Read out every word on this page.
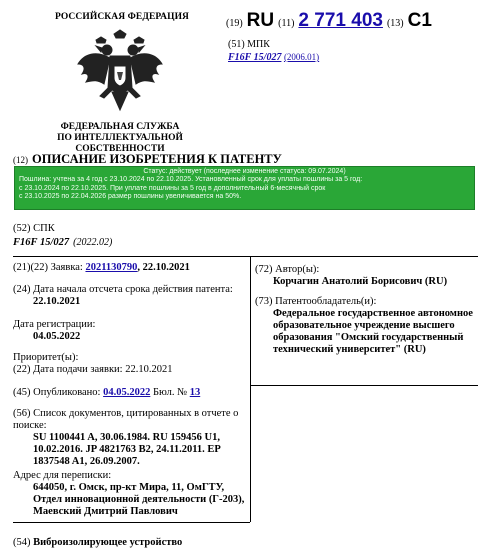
РОССИЙСКАЯ ФЕДЕРАЦИЯ
ФЕДЕРАЛЬНАЯ СЛУЖБА
ПО ИНТЕЛЛЕКТУАЛЬНОЙ СОБСТВЕННОСТИ
(19) RU (11) 2 771 403 (13) C1
(51) МПК
F16F 15/027 (2006.01)
(12) ОПИСАНИЕ ИЗОБРЕТЕНИЯ К ПАТЕНТУ
Статус: действует (последнее изменение статуса: 09.07.2024)
Пошлина: учтена за 4 год с 23.10.2024 по 22.10.2025. Установленный срок для уплаты пошлины за 5 год:
с 23.10.2024 по 22.10.2025. При уплате пошлины за 5 год в дополнительный 6-месячный срок
с 23.10.2025 по 22.04.2026 размер пошлины увеличивается на 50%.
(52) СПК
F16F 15/027 (2022.02)
(21)(22) Заявка: 2021130790, 22.10.2021
(24) Дата начала отсчета срока действия патента:
22.10.2021
Дата регистрации:
04.05.2022
Приоритет(ы):
(22) Дата подачи заявки: 22.10.2021
(45) Опубликовано: 04.05.2022 Бюл. № 13
(56) Список документов, цитированных в отчете о поиске:
SU 1100441 A, 30.06.1984. RU 159456 U1, 10.02.2016. JP 4821763 B2, 24.11.2011. EP 1837548 A1, 26.09.2007.
Адрес для переписки:
644050, г. Омск, пр-кт Мира, 11, ОмГТУ, Отдел инновационной деятельности (Г-203), Маевский Дмитрий Павлович
(72) Автор(ы):
Корчагин Анатолий Борисович (RU)
(73) Патентообладатель(и):
Федеральное государственное автономное образовательное учреждение высшего образования "Омский государственный технический университет" (RU)
(54) Виброизолирующее устройство
